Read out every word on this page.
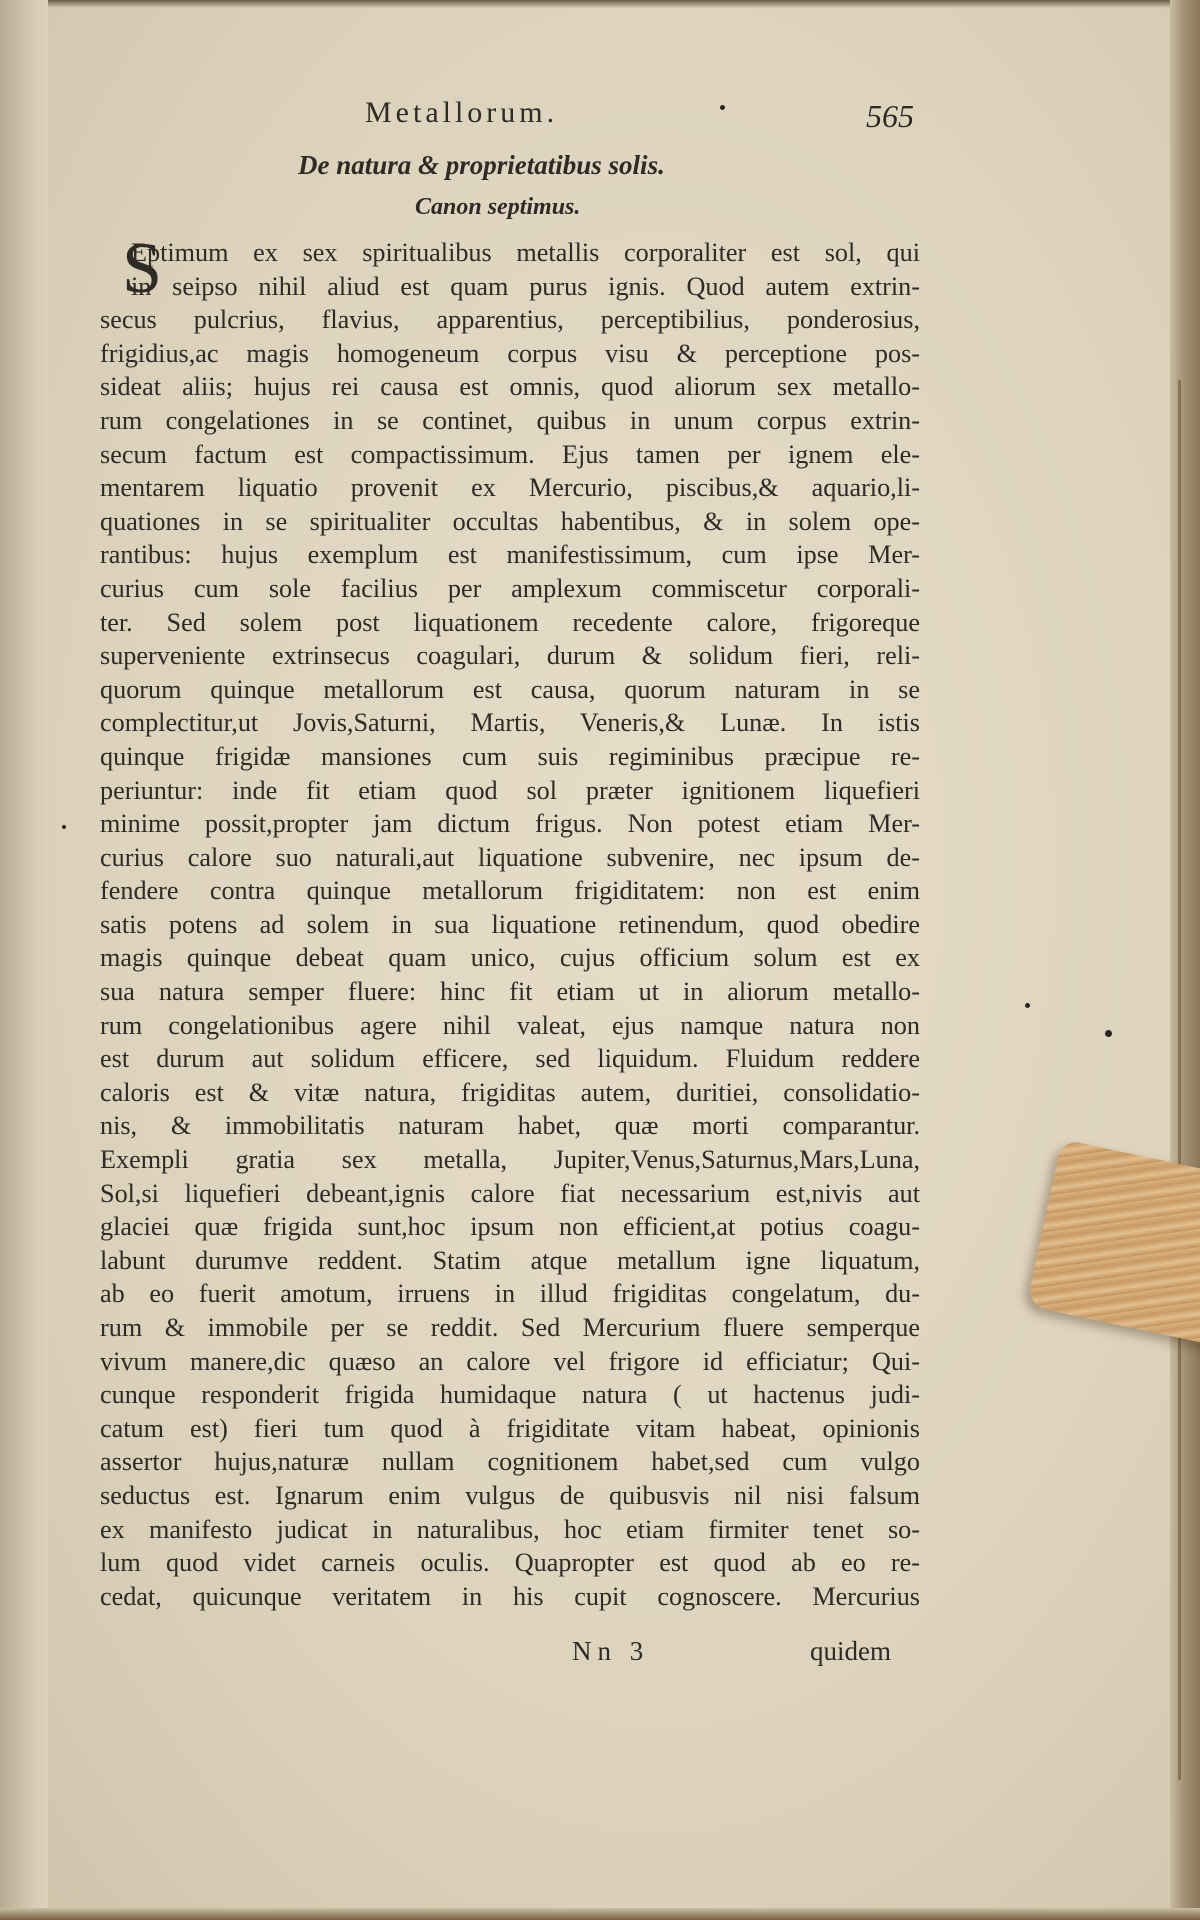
Metallorum.	565
De natura & proprietatibus solis.
Canon septimus.
S
Eptimum ex sex spiritualibus metallis corporaliter est sol, qui
in seipso nihil aliud est quam purus ignis. Quod autem extrin-
secus pulcrius, flavius, apparentius, perceptibilius, ponderosius,
frigidius,ac magis homogeneum corpus visu & perceptione pos-
sideat aliis; hujus rei causa est omnis, quod aliorum sex metallo-
rum congelationes in se continet, quibus in unum corpus extrin-
secum factum est compactissimum. Ejus tamen per ignem ele-
mentarem liquatio provenit ex Mercurio, piscibus,& aquario,li-
quationes in se spiritualiter occultas habentibus, & in solem ope-
rantibus: hujus exemplum est manifestissimum, cum ipse Mer-
curius cum sole facilius per amplexum commiscetur corporali-
ter. Sed solem post liquationem recedente calore, frigoreque
superveniente extrinsecus coagulari, durum & solidum fieri, reli-
quorum quinque metallorum est causa, quorum naturam in se
complectitur,ut Jovis,Saturni, Martis, Veneris,& Lunæ. In istis
quinque frigidæ mansiones cum suis regiminibus præcipue re-
periuntur: inde fit etiam quod sol præter ignitionem liquefieri
minime possit,propter jam dictum frigus. Non potest etiam Mer-
curius calore suo naturali,aut liquatione subvenire, nec ipsum de-
fendere contra quinque metallorum frigiditatem: non est enim
satis potens ad solem in sua liquatione retinendum, quod obedire
magis quinque debeat quam unico, cujus officium solum est ex
sua natura semper fluere: hinc fit etiam ut in aliorum metallo-
rum congelationibus agere nihil valeat, ejus namque natura non
est durum aut solidum efficere, sed liquidum. Fluidum reddere
caloris est & vitæ natura, frigiditas autem, duritiei, consolidatio-
nis, & immobilitatis naturam habet, quæ morti comparantur.
Exempli gratia sex metalla, Jupiter,Venus,Saturnus,Mars,Luna,
Sol,si liquefieri debeant,ignis calore fiat necessarium est,nivis aut
glaciei quæ frigida sunt,hoc ipsum non efficient,at potius coagu-
labunt durumve reddent. Statim atque metallum igne liquatum,
ab eo fuerit amotum, irruens in illud frigiditas congelatum, du-
rum & immobile per se reddit. Sed Mercurium fluere semperque
vivum manere,dic quæso an calore vel frigore id efficiatur; Qui-
cunque responderit frigida humidaque natura ( ut hactenus judi-
catum est) fieri tum quod à frigiditate vitam habeat, opinionis
assertor hujus,naturæ nullam cognitionem habet,sed cum vulgo
seductus est. Ignarum enim vulgus de quibusvis nil nisi falsum
ex manifesto judicat in naturalibus, hoc etiam firmiter tenet so-
lum quod videt carneis oculis. Quapropter est quod ab eo re-
cedat, quicunque veritatem in his cupit cognoscere. Mercurius
Nn 3	quidem
